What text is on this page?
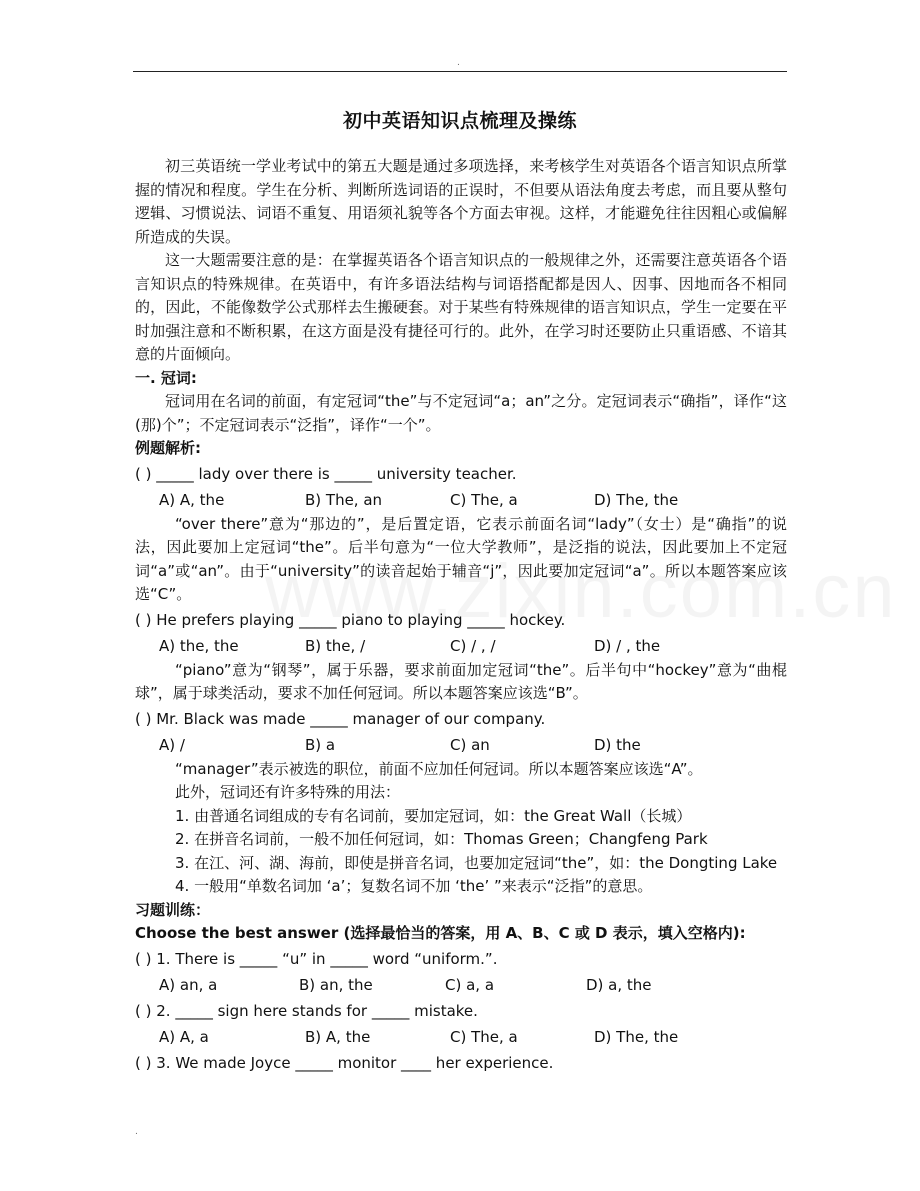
.
初中英语知识点梳理及操练
初三英语统一学业考试中的第五大题是通过多项选择，来考核学生对英语各个语言知识点所掌握的情况和程度。学生在分析、判断所选词语的正误时，不但要从语法角度去考虑，而且要从整句逻辑、习惯说法、词语不重复、用语须礼貌等各个方面去审视。这样，才能避免往往因粗心或偏解所造成的失误。
这一大题需要注意的是：在掌握英语各个语言知识点的一般规律之外，还需要注意英语各个语言知识点的特殊规律。在英语中，有许多语法结构与词语搭配都是因人、因事、因地而各不相同的，因此，不能像数学公式那样去生搬硬套。对于某些有特殊规律的语言知识点，学生一定要在平时加强注意和不断积累，在这方面是没有捷径可行的。此外，在学习时还要防止只重语感、不谙其意的片面倾向。
一. 冠词:
冠词用在名词的前面，有定冠词“the”与不定冠词“a；an”之分。定冠词表示“确指”，译作“这(那)个”；不定冠词表示“泛指”，译作“一个”。
例题解析:
( ) _____ lady over there is _____ university teacher.
A) A, the	B) The, an	C) The, a	D) The, the
“over there”意为“那边的”，是后置定语，它表示前面名词“lady”（女士）是“确指”的说法，因此要加上定冠词“the”。后半句意为“一位大学教师”，是泛指的说法，因此要加上不定冠词“a”或“an”。由于“university”的读音起始于辅音“j”，因此要加定冠词“a”。所以本题答案应该选“C”。
( ) He prefers playing _____ piano to playing _____ hockey.
A) the, the	B) the, /	C) / , /	D) / , the
“piano”意为“钢琴”，属于乐器，要求前面加定冠词“the”。后半句中“hockey”意为“曲棍球”，属于球类活动，要求不加任何冠词。所以本题答案应该选“B”。
( ) Mr. Black was made _____ manager of our company.
A) /	B) a	C) an	D) the
“manager”表示被选的职位，前面不应加任何冠词。所以本题答案应该选“A”。
此外，冠词还有许多特殊的用法：
1. 由普通名词组成的专有名词前，要加定冠词，如：the Great Wall（长城）
2. 在拼音名词前，一般不加任何冠词，如：Thomas Green；Changfeng Park
3. 在江、河、湖、海前，即使是拼音名词，也要加定冠词“the”，如：the Dongting Lake
4. 一般用“单数名词加 ‘a’；复数名词不加 ‘the’ ”来表示“泛指”的意思。
习题训练：
Choose the best answer (选择最恰当的答案，用 A、B、C 或 D 表示，填入空格内):
( ) 1. There is _____ “u” in _____ word “uniform.”.
A) an, a	B) an, the	C) a, a	D) a, the
( ) 2. _____ sign here stands for _____ mistake.
A) A, a	B) A, the	C) The, a	D) The, the
( ) 3. We made Joyce _____ monitor ____ her experience.
.
